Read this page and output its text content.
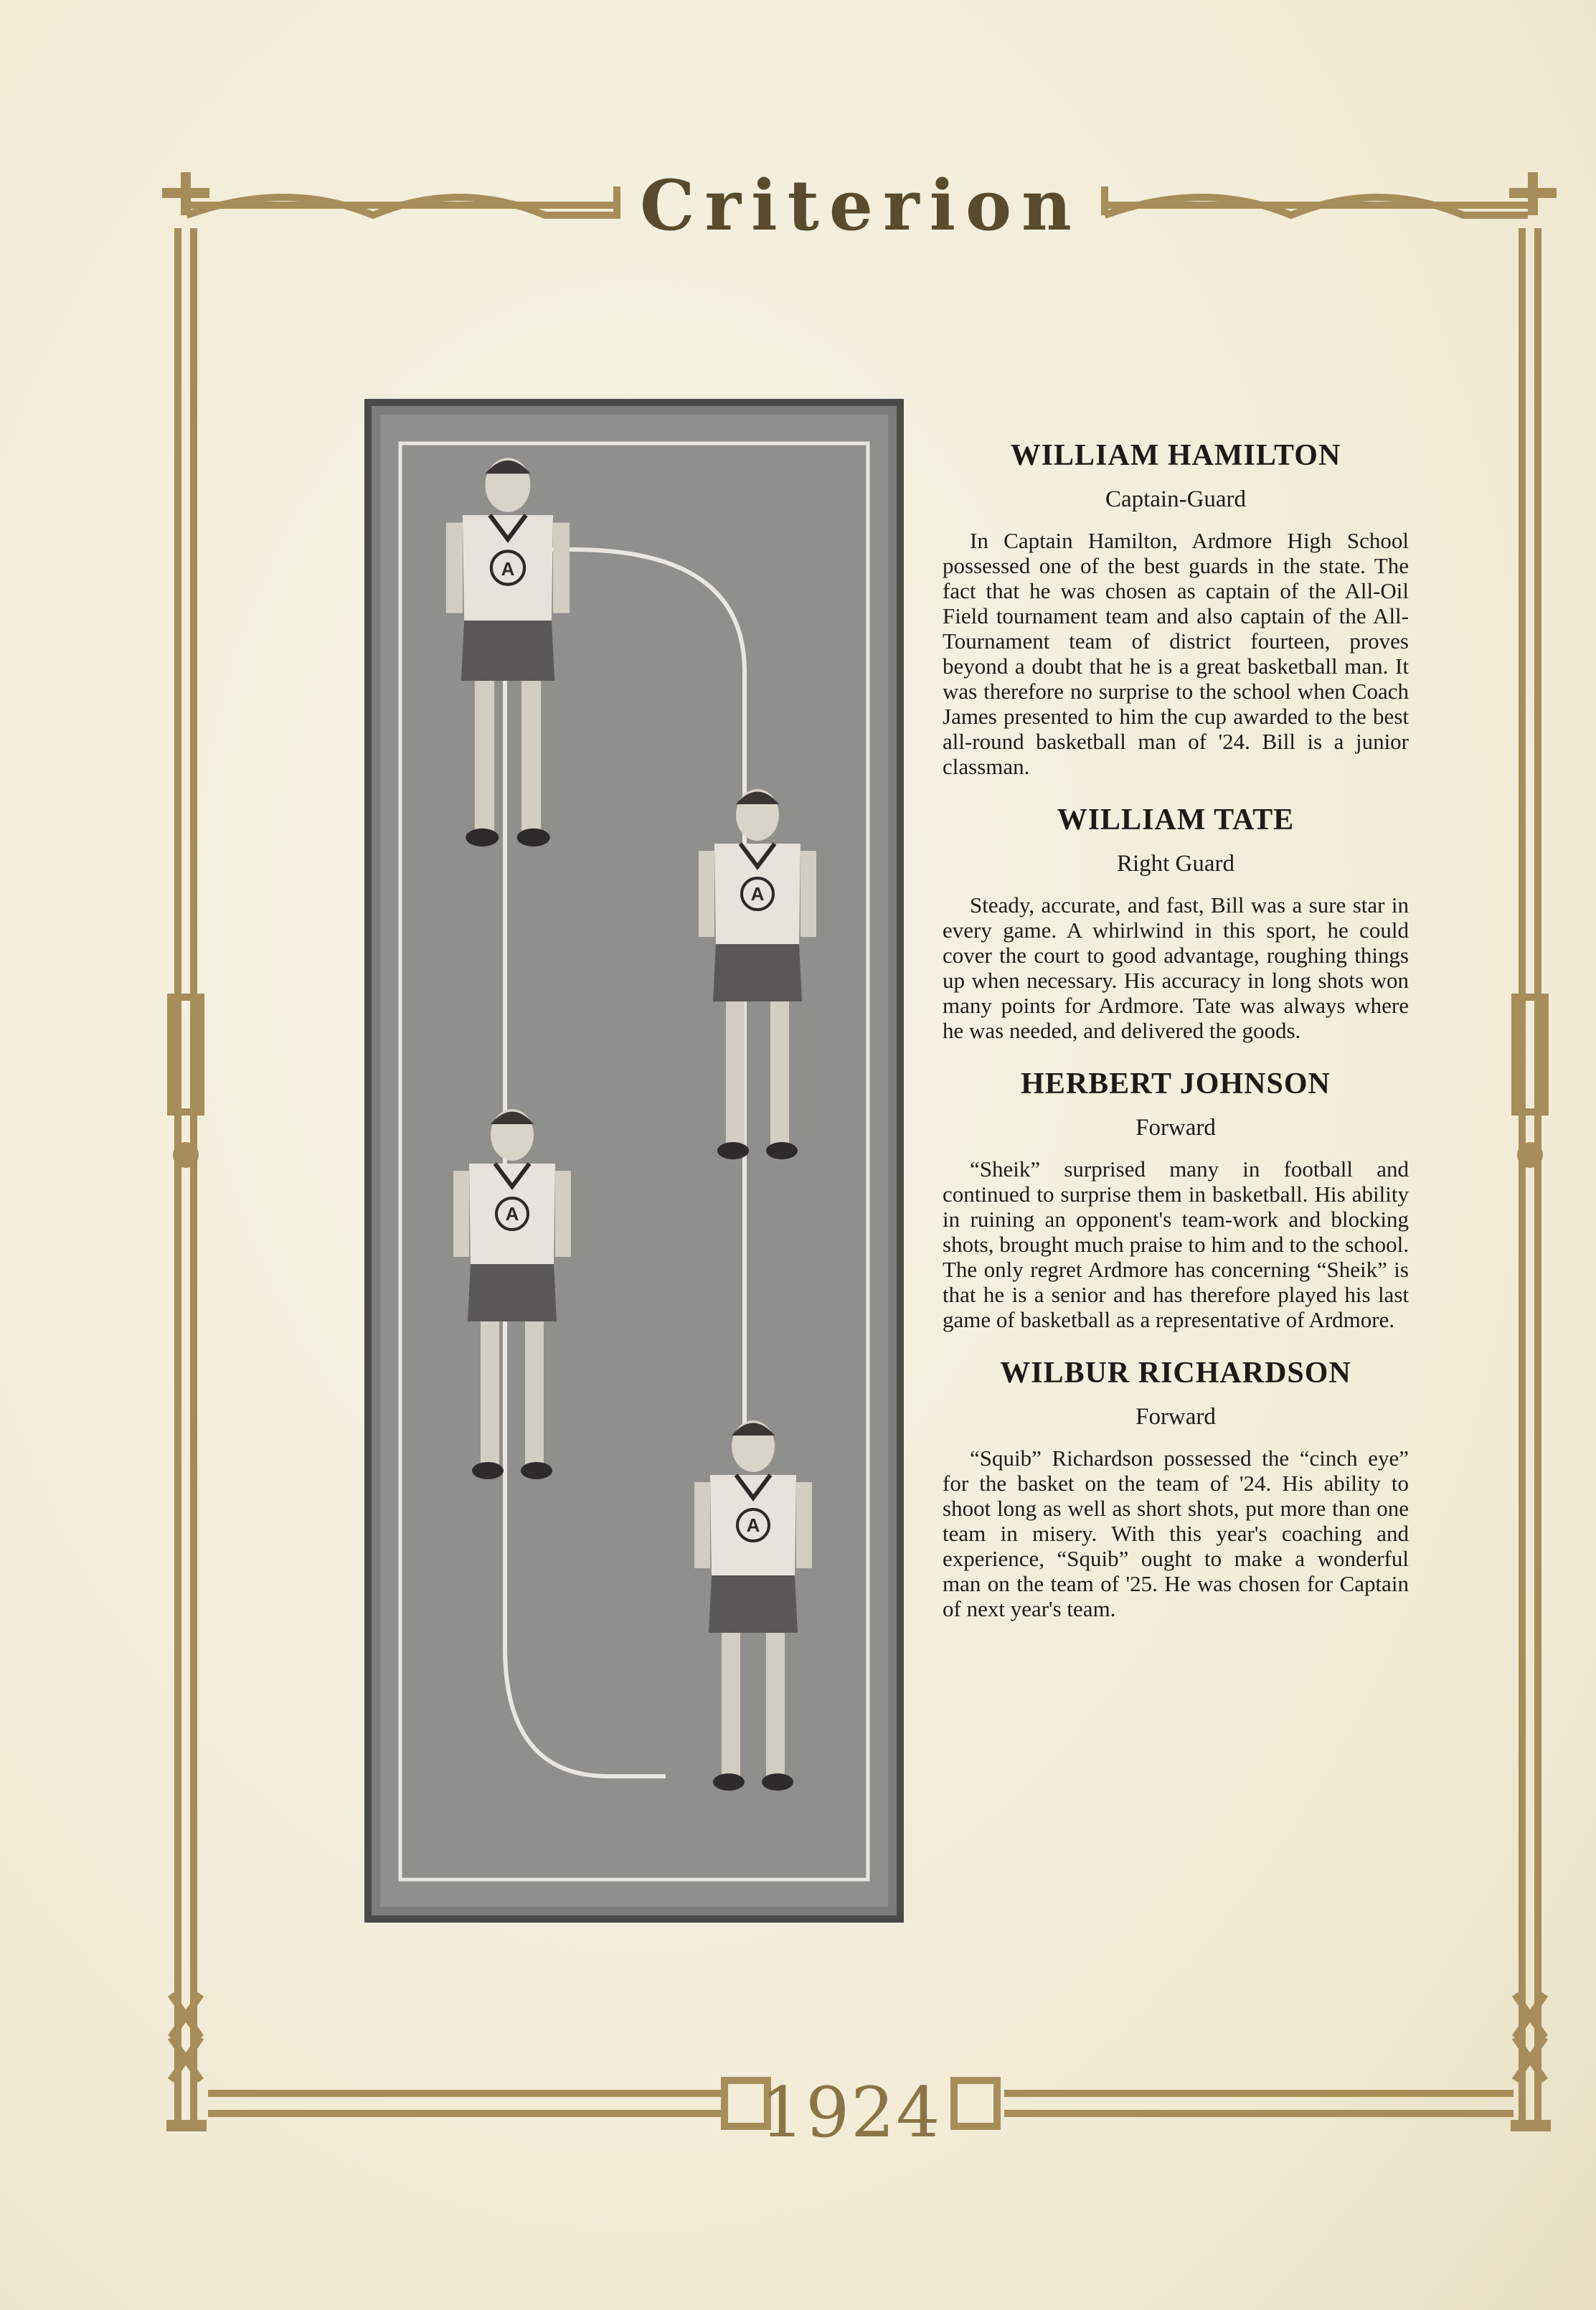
Criterion
1924
A
A
A
A
WILLIAM HAMILTON
Captain-Guard

In Captain Hamilton, Ardmore High School possessed one of the best guards in the state. The fact that he was chosen as captain of the All-Oil Field tournament team and also captain of the All-Tournament team of district fourteen, proves beyond a doubt that he is a great basketball man. It was therefore no surprise to the school when Coach James presented to him the cup awarded to the best all-round basketball man of '24. Bill is a junior classman.

WILLIAM TATE
Right Guard

Steady, accurate, and fast, Bill was a sure star in every game. A whirlwind in this sport, he could cover the court to good advantage, roughing things up when necessary. His accuracy in long shots won many points for Ardmore. Tate was always where he was needed, and delivered the goods.

HERBERT JOHNSON
Forward

“Sheik” surprised many in football and continued to surprise them in basketball. His ability in ruining an opponent's team-work and blocking shots, brought much praise to him and to the school. The only regret Ardmore has concerning “Sheik” is that he is a senior and has therefore played his last game of basketball as a representative of Ardmore.

WILBUR RICHARDSON
Forward

“Squib” Richardson possessed the “cinch eye” for the basket on the team of '24. His ability to shoot long as well as short shots, put more than one team in misery. With this year's coaching and experience, “Squib” ought to make a wonderful man on the team of '25. He was chosen for Captain of next year's team.
